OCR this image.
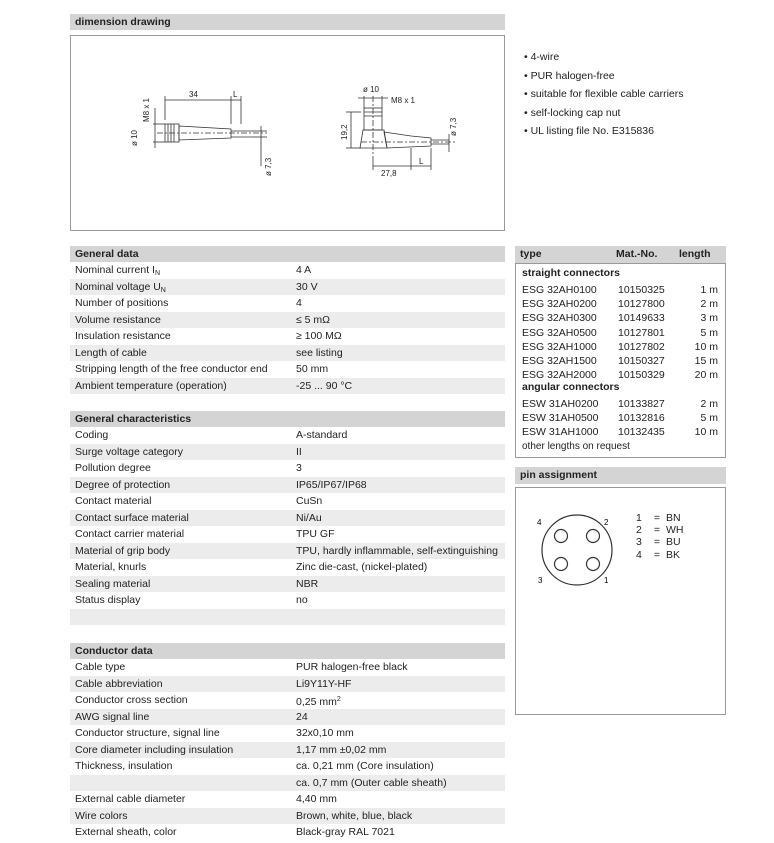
dimension drawing
34	L
M8 x 1
ø 10
ø 7,3
ø 10
M8 x 1
19,2
27,8
L
ø 7,3
• 4-wire
• PUR halogen-free
• suitable for flexible cable carriers
• self-locking cap nut
• UL listing file No. E315836
General data
Nominal current $I_N$	4 A
Nominal voltage $U_N$	30 V
Number of positions	4
Volume resistance	≤ 5 mΩ
Insulation resistance	≥ 100 MΩ
Length of cable	see listing
Stripping length of the free conductor end	50 mm
Ambient temperature (operation)	-25 ... 90 °C
General characteristics
Coding	A-standard
Surge voltage category	II
Pollution degree	3
Degree of protection	IP65/IP67/IP68
Contact material	CuSn
Contact surface material	Ni/Au
Contact carrier material	TPU GF
Material of grip body	TPU, hardly inflammable, self-extinguishing
Material, knurls	Zinc die-cast, (nickel-plated)
Sealing material	NBR
Status display	no
Conductor data
Cable type	PUR halogen-free black
Cable abbreviation	Li9Y11Y-HF
Conductor cross section	0,25 $mm^2$
AWG signal line	24
Conductor structure, signal line	32x0,10 mm
Core diameter including insulation	1,17 mm ±0,02 mm
Thickness, insulation	ca. 0,21 mm (Core insulation)
ca. 0,7 mm (Outer cable sheath)
External cable diameter	4,40 mm
Wire colors	Brown, white, blue, black
External sheath, color	Black-gray RAL 7021
type	Mat.-No. length
straight connectors
ESG 32AH0100 10150325	1 m
ESG 32AH0200 10127800	2 m
ESG 32AH0300 10149633	3 m
ESG 32AH0500 10127801	5 m
ESG 32AH1000 10127802	10 m
ESG 32AH1500 10150327	15 m
ESG 32AH2000 10150329	20 m
angular connectors
ESW 31AH0200 10133827	2 m
ESW 31AH0500 10132816	5 m
ESW 31AH1000 10132435	10 m
other lengths on request
pin assignment
4	2
3	1
1 = BN
2 = WH
3 = BU
4 = BK
